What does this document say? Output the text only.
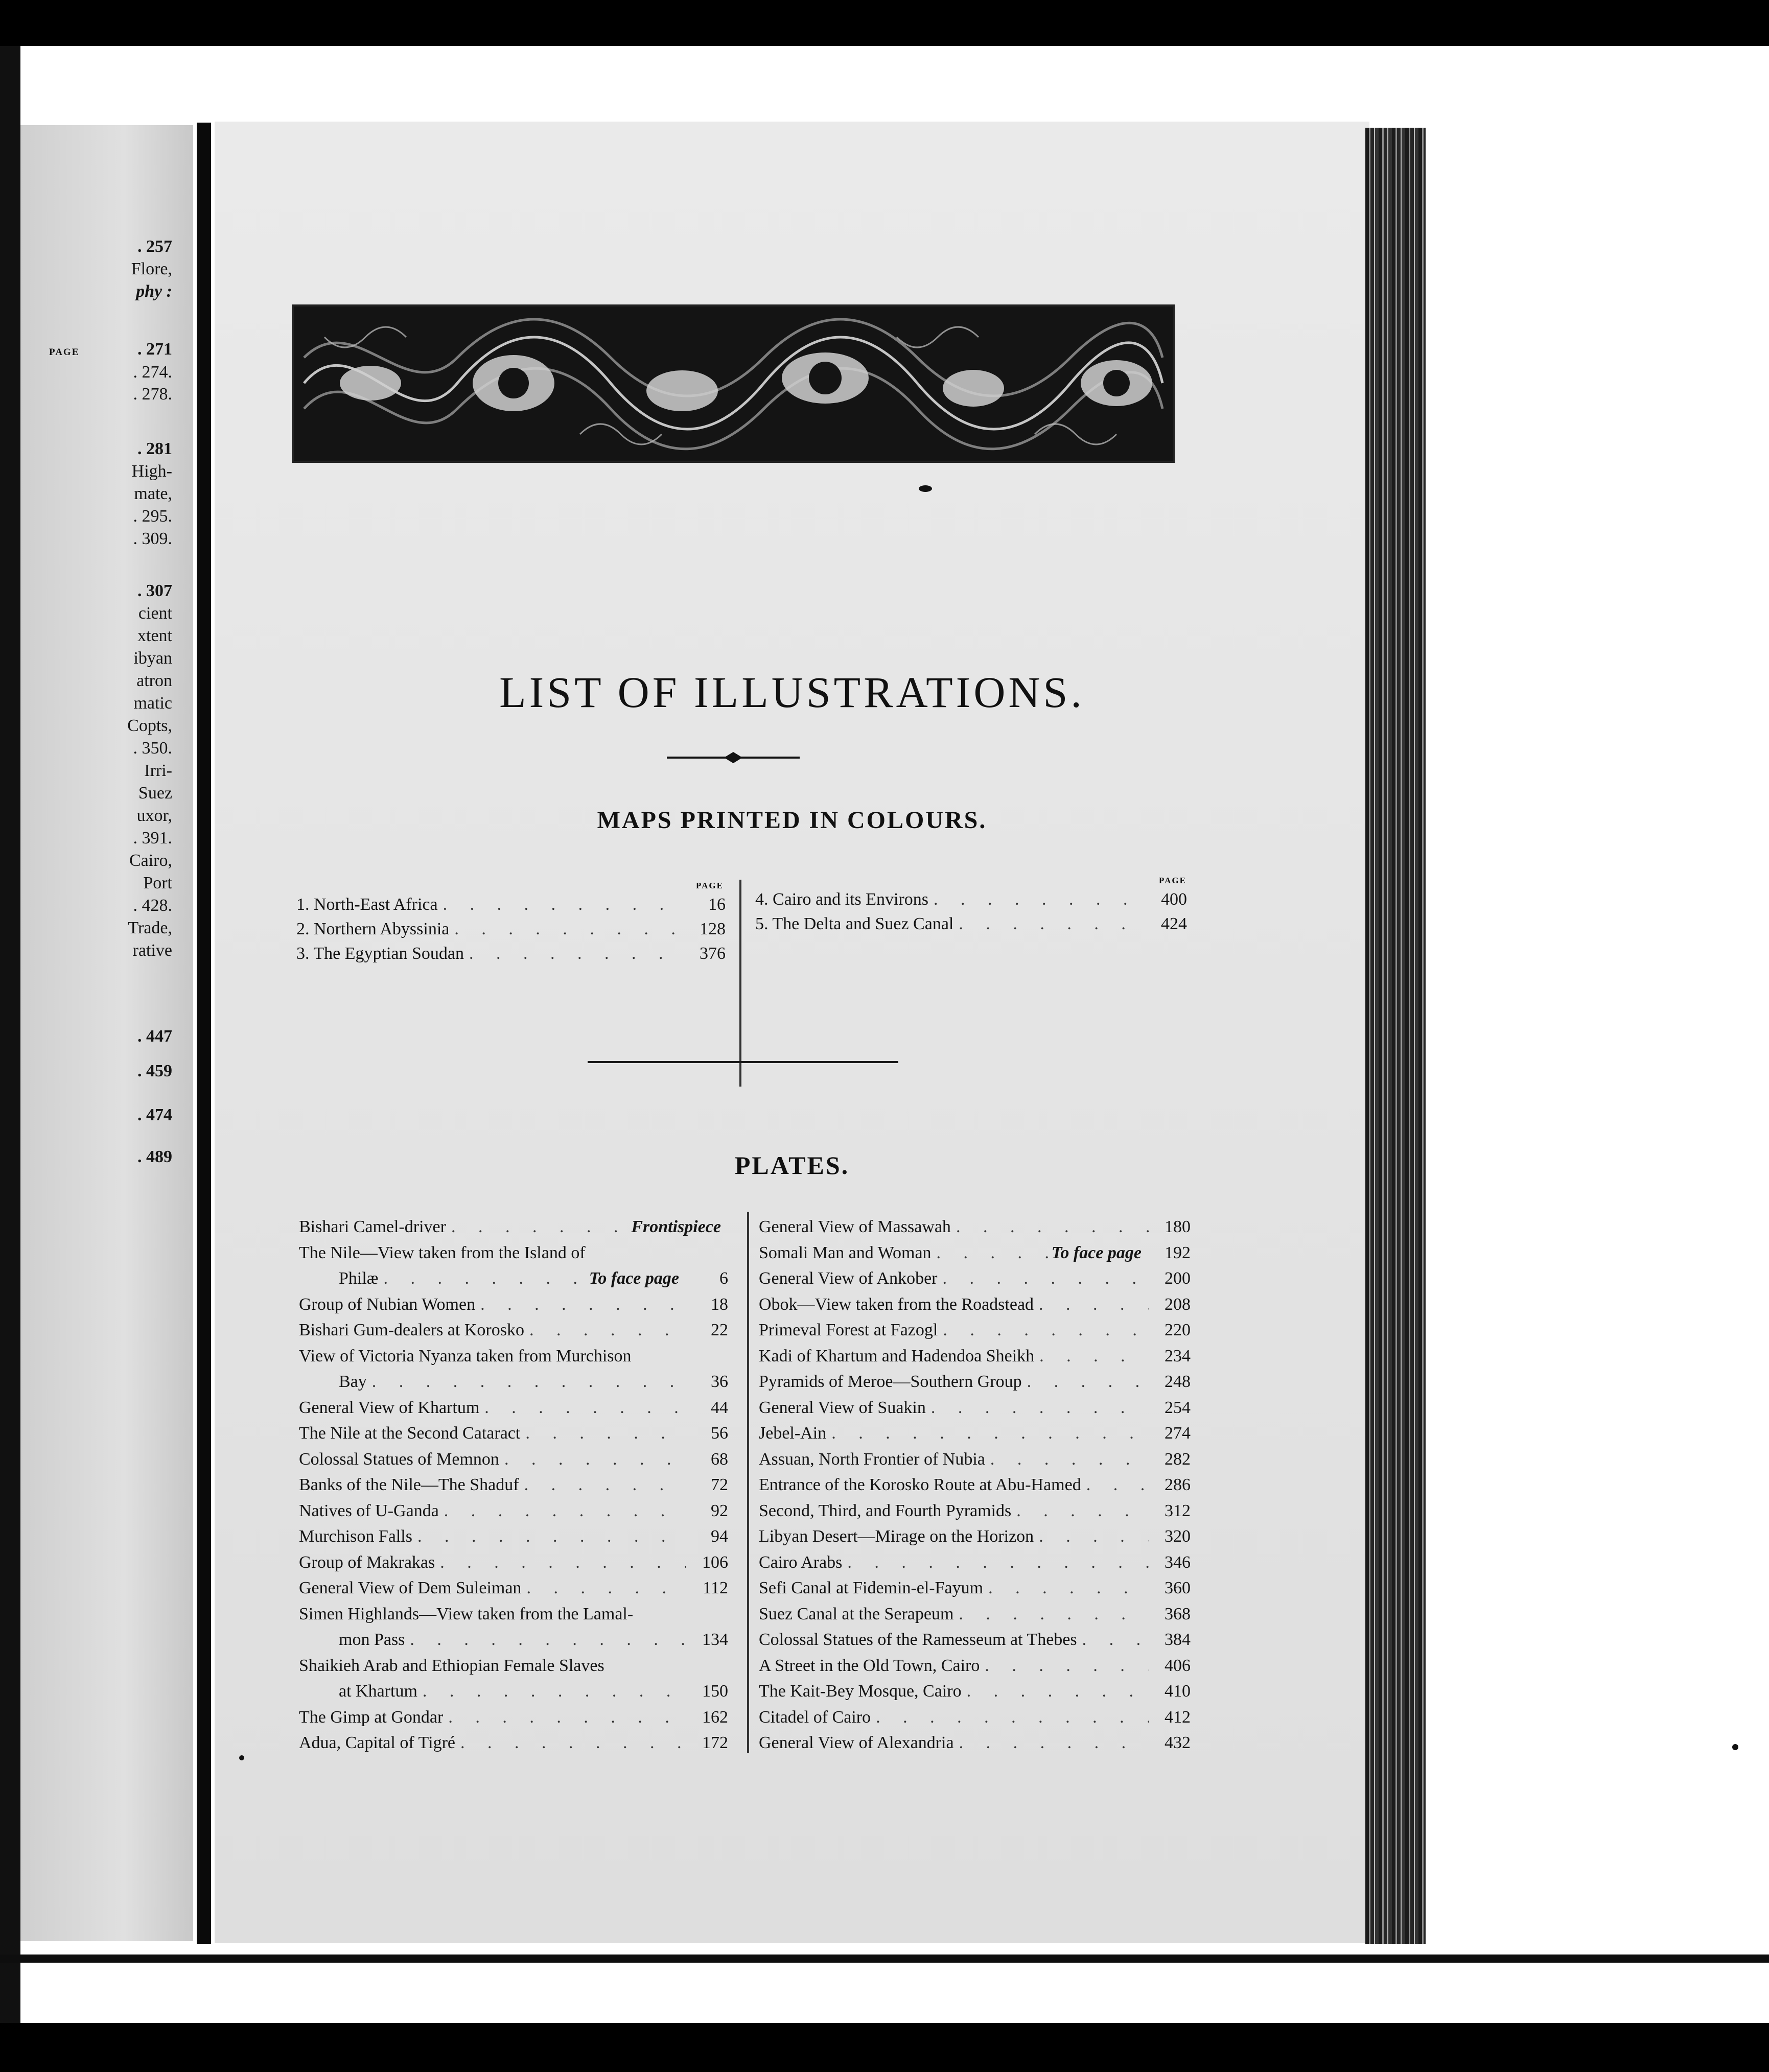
PAGE
. 257
Flore,
phy :
. 271
. 274.
. 278.
. 281
High-
mate,
. 295.
. 309.
. 307
cient
xtent
ibyan
atron
matic
Copts,
. 350.
Irri-
Suez
uxor,
. 391.
Cairo,
Port
. 428.
Trade,
rative
. 447
. 459
. 474
. 489
LIST OF ILLUSTRATIONS.
MAPS PRINTED IN COLOURS.
PAGE
PAGE
1. North-East Africa . . .	16
2. Northern Abyssinia . . .	128
3. The Egyptian Soudan . . .	376
4. Cairo and its Environs . . .	400
5. The Delta and Suez Canal . . .	424
PLATES.
Bishari Camel-driver . . .	Frontispiece
The Nile—View taken from the Island of
Philæ . . .	To face page	6
Group of Nubian Women . . .	18
Bishari Gum-dealers at Korosko . . .	22
View of Victoria Nyanza taken from Murchison
Bay . . .	36
General View of Khartum . . .	44
The Nile at the Second Cataract . . .	56
Colossal Statues of Memnon . . .	68
Banks of the Nile—The Shaduf . . .	72
Natives of U-Ganda . . .	92
Murchison Falls . . .	94
Group of Makrakas . . .	106
General View of Dem Suleiman . . .	112
Simen Highlands—View taken from the Lamal-
mon Pass . . .	134
Shaikieh Arab and Ethiopian Female Slaves
at Khartum . . .	150
The Gimp at Gondar . . .	162
Adua, Capital of Tigré . . .	172
General View of Massawah . . .	180
Somali Man and Woman . . .	To face page	192
General View of Ankober . . .	200
Obok—View taken from the Roadstead . . .	208
Primeval Forest at Fazogl . . .	220
Kadi of Khartum and Hadendoa Sheikh . . .	234
Pyramids of Meroe—Southern Group . . .	248
General View of Suakin . . .	254
Jebel-Ain . . .	274
Assuan, North Frontier of Nubia . . .	282
Entrance of the Korosko Route at Abu-Hamed . . .	286
Second, Third, and Fourth Pyramids . . .	312
Libyan Desert—Mirage on the Horizon . . .	320
Cairo Arabs . . .	346
Sefi Canal at Fidemin-el-Fayum . . .	360
Suez Canal at the Serapeum . . .	368
Colossal Statues of the Ramesseum at Thebes . . .	384
A Street in the Old Town, Cairo . . .	406
The Kait-Bey Mosque, Cairo . . .	410
Citadel of Cairo . . .	412
General View of Alexandria . . .	432
